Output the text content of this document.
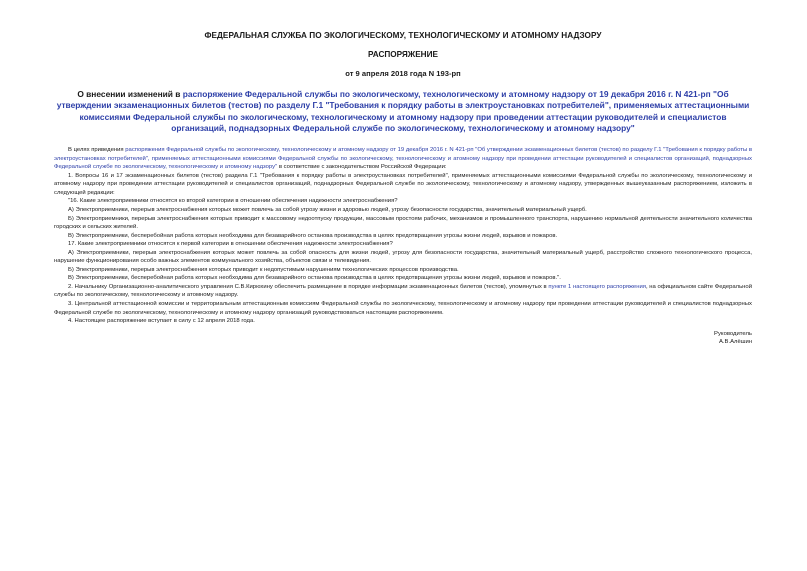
ФЕДЕРАЛЬНАЯ СЛУЖБА ПО ЭКОЛОГИЧЕСКОМУ, ТЕХНОЛОГИЧЕСКОМУ И АТОМНОМУ НАДЗОРУ
РАСПОРЯЖЕНИЕ
от 9 апреля 2018 года N 193-рп
О внесении изменений в распоряжение Федеральной службы по экологическому, технологическому и атомному надзору от 19 декабря 2016 г. N 421-рп "Об утверждении экзаменационных билетов (тестов) по разделу Г.1 "Требования к порядку работы в электроустановках потребителей", применяемых аттестационными комиссиями Федеральной службы по экологическому, технологическому и атомному надзору при проведении аттестации руководителей и специалистов организаций, поднадзорных Федеральной службе по экологическому, технологическому и атомному надзору"

В целях приведения распоряжения Федеральной службы по экологическому, технологическому и атомному надзору от 19 декабря 2016 г. N 421-рп "Об утверждении экзаменационных билетов (тестов) по разделу Г.1 "Требования к порядку работы в электроустановках потребителей", применяемых аттестационными комиссиями Федеральной службы по экологическому, технологическому и атомному надзору при проведении аттестации руководителей и специалистов организаций, поднадзорных Федеральной службе по экологическому, технологическому и атомному надзору" в соответствие с законодательством Российской Федерации:

1. Вопросы 16 и 17 экзаменационных билетов (тестов) раздела Г.1 "Требования к порядку работы в электроустановках потребителей", применяемых аттестационными комиссиями Федеральной службы по экологическому, технологическому и атомному надзору при проведении аттестации руководителей и специалистов организаций, поднадзорных Федеральной службе по экологическому, технологическому и атомному надзору, утвержденных вышеуказанным распоряжением, изложить в следующей редакции:

"16. Какие электроприемники относятся ко второй категории в отношении обеспечения надежности электроснабжения?

А) Электроприемники, перерыв электроснабжения которых может повлечь за собой угрозу жизни и здоровью людей, угрозу безопасности государства, значительный материальный ущерб.

Б) Электроприемники, перерыв электроснабжения которых приводит к массовому недоотпуску продукции, массовым простоям рабочих, механизмов и промышленного транспорта, нарушению нормальной деятельности значительного количества городских и сельских жителей.

В) Электроприемники, бесперебойная работа которых необходима для безаварийного останова производства в целях предотвращения угрозы жизни людей, взрывов и пожаров.

17. Какие электроприемники относятся к первой категории в отношении обеспечения надежности электроснабжения?

А) Электроприемники, перерыв электроснабжения которых может повлечь за собой опасность для жизни людей, угрозу для безопасности государства, значительный материальный ущерб, расстройство сложного технологического процесса, нарушение функционирования особо важных элементов коммунального хозяйства, объектов связи и телевидения.

Б) Электроприемники, перерыв электроснабжения которых приводит к недопустимым нарушениям технологических процессов производства.

В) Электроприемники, бесперебойная работа которых необходима для безаварийного останова производства в целях предотвращения угрозы жизни людей, взрывов и пожаров.".

2. Начальнику Организационно-аналитического управления С.В.Кирюхину обеспечить размещение в порядке информации экзаменационных билетов (тестов), упомянутых в пункте 1 настоящего распоряжения, на официальном сайте Федеральной службы по экологическому, технологическому и атомному надзору.

3. Центральной аттестационной комиссии и территориальным аттестационным комиссиям Федеральной службы по экологическому, технологическому и атомному надзору при проведении аттестации руководителей и специалистов поднадзорных Федеральной службе по экологическому, технологическому и атомному надзору организаций руководствоваться настоящим распоряжением.

4. Настоящее распоряжение вступает в силу с 12 апреля 2018 года.

Руководитель
А.В.Алёшин
